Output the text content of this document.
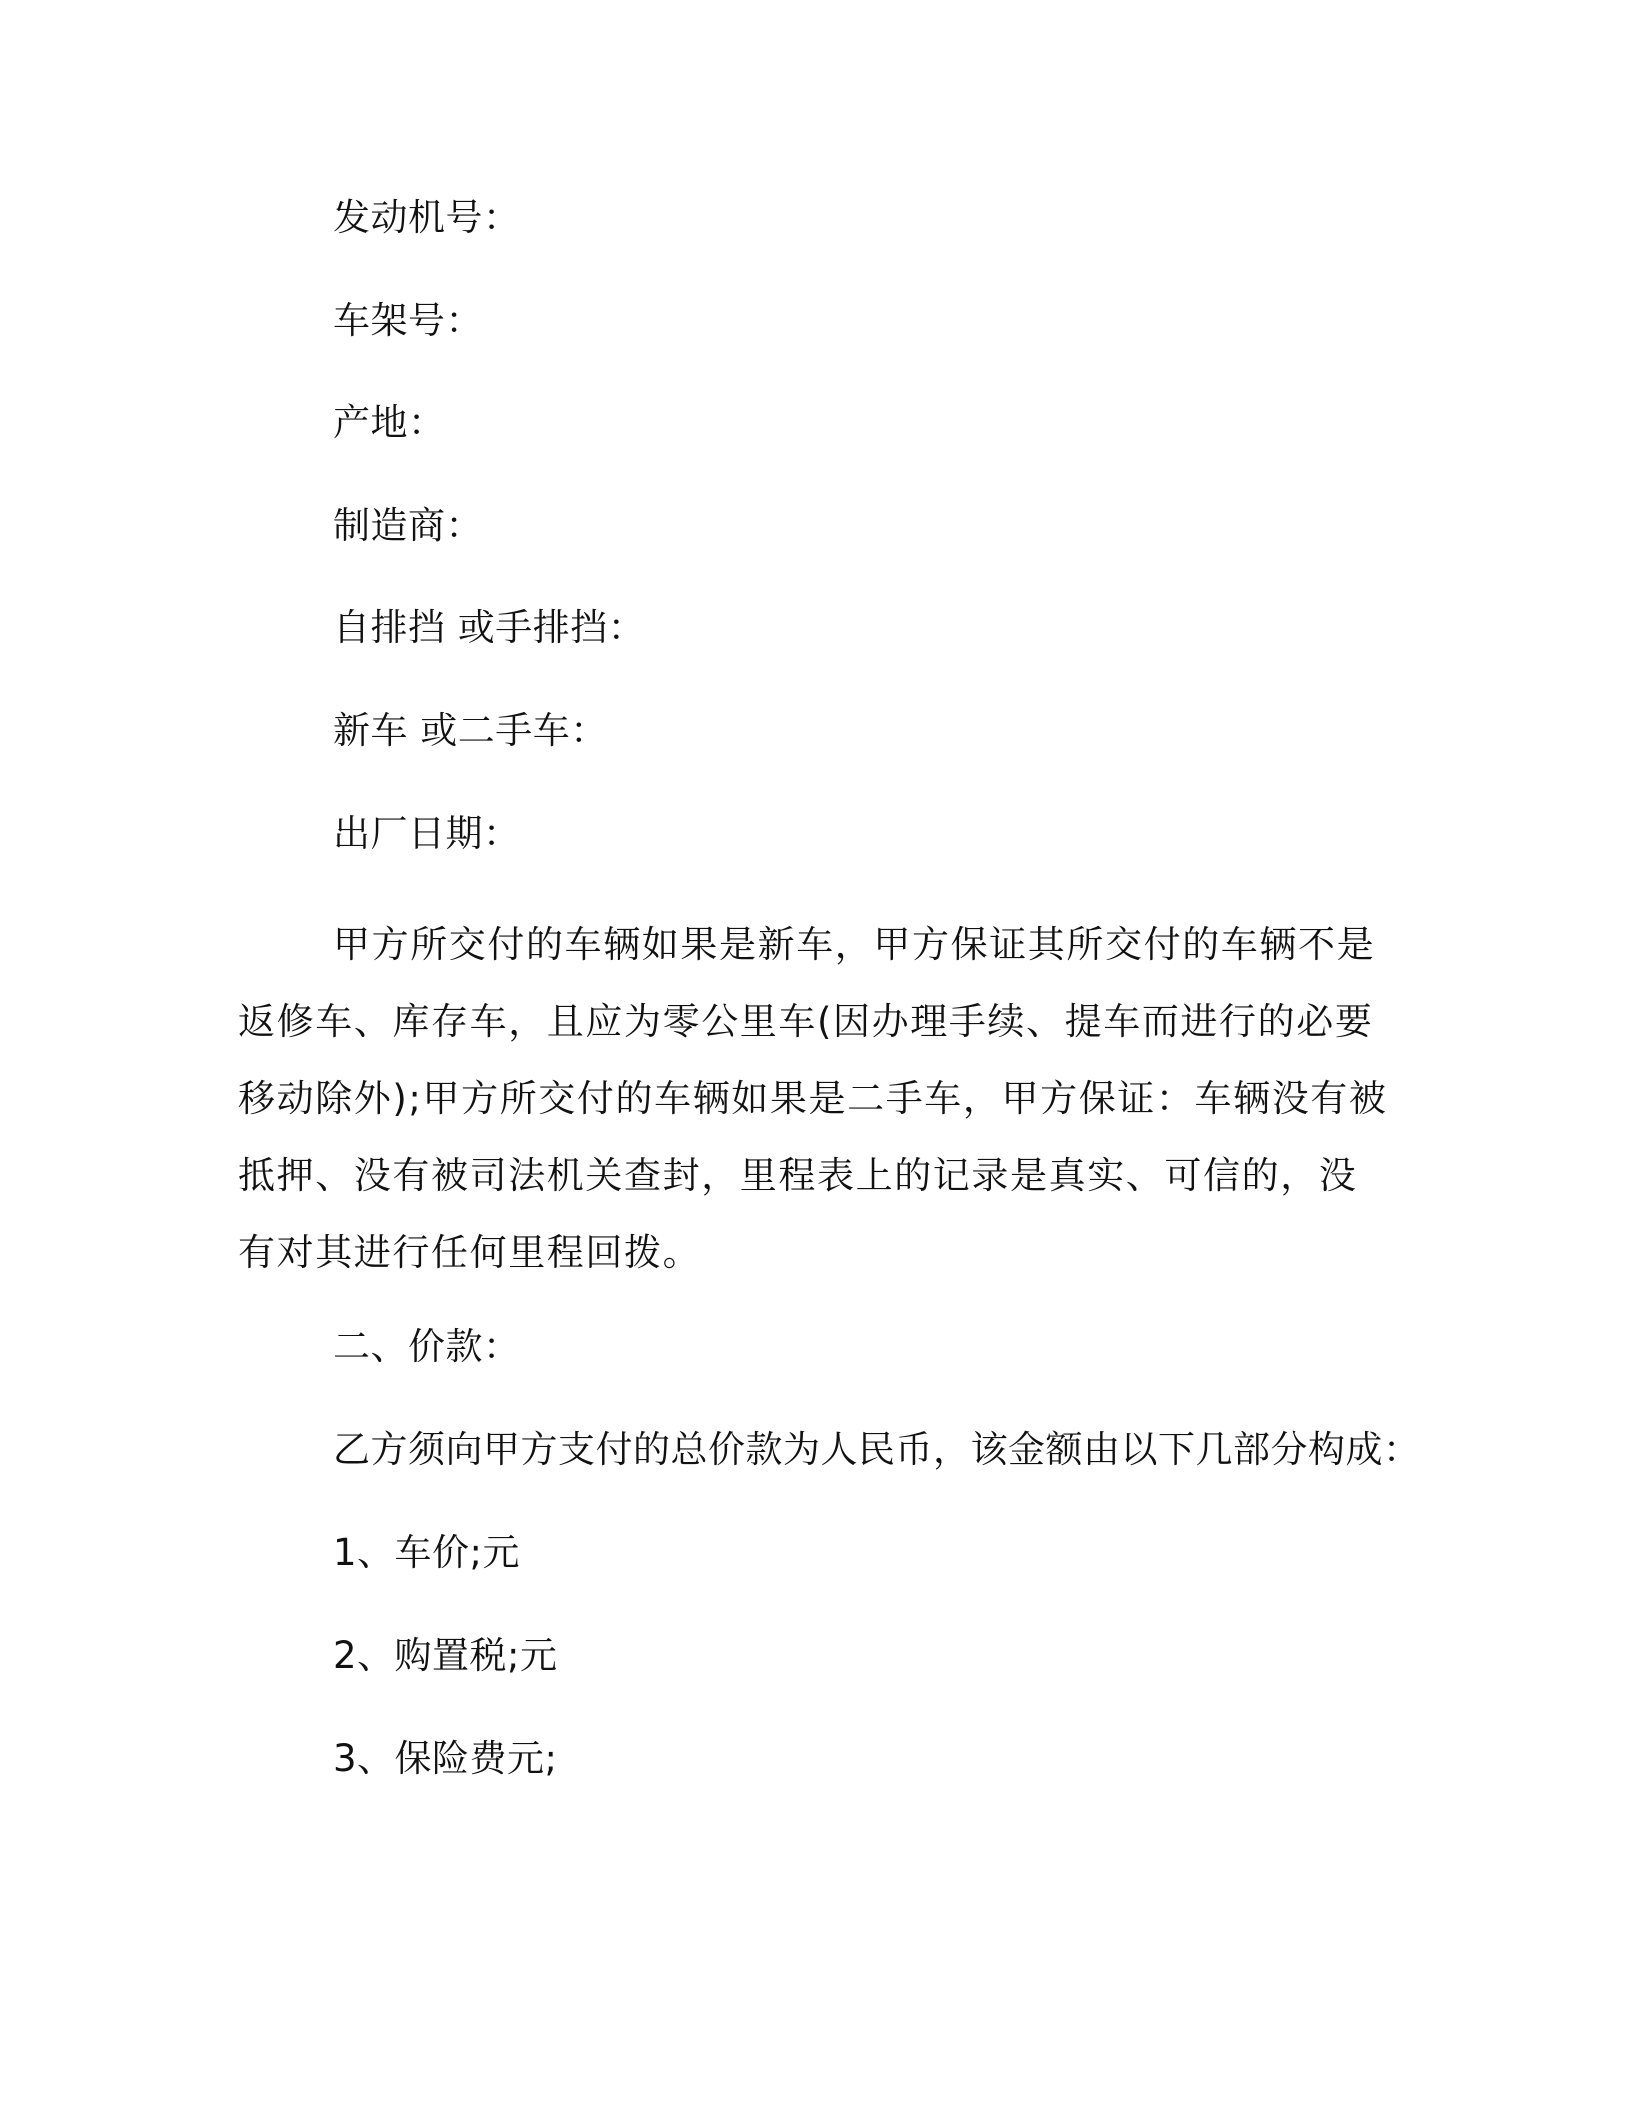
发动机号：
车架号：
产地：
制造商：
自排挡 或手排挡：
新车 或二手车：
出厂日期：
甲方所交付的车辆如果是新车，甲方保证其所交付的车辆不是返修车、库存车，且应为零公里车(因办理手续、提车而进行的必要移动除外);甲方所交付的车辆如果是二手车，甲方保证：车辆没有被抵押、没有被司法机关查封，里程表上的记录是真实、可信的，没有对其进行任何里程回拨。
二、价款：
乙方须向甲方支付的总价款为人民币，该金额由以下几部分构成：
1、车价;元
2、购置税;元
3、保险费元;
